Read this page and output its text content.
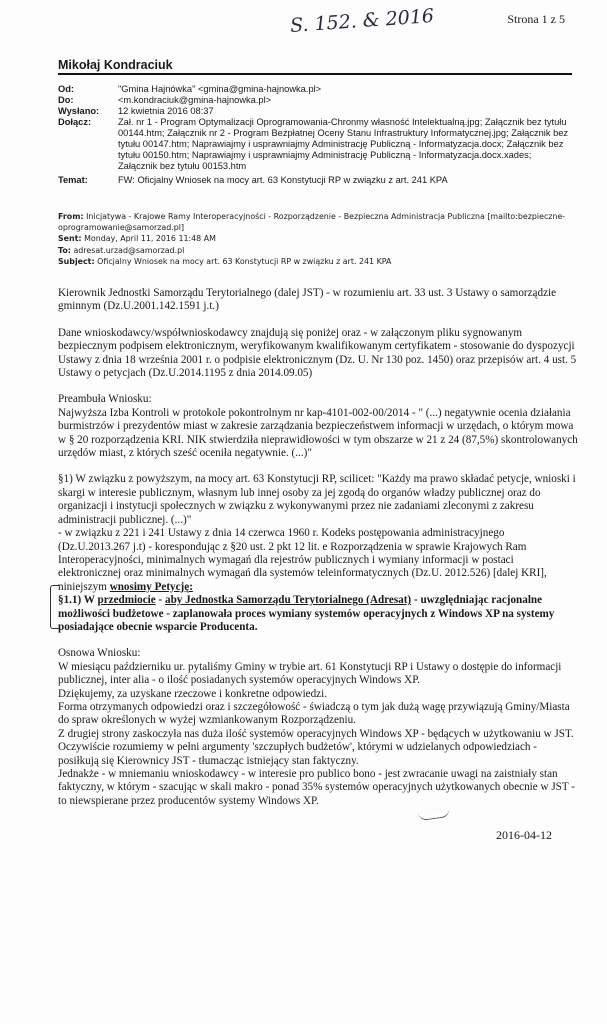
Strona 1 z 5
S. 152. & 2016
Mikołaj Kondraciuk
Od:	"Gmina Hajnówka" <gmina@gmina-hajnowka.pl>
Do:	<m.kondraciuk@gmina-hajnowka.pl>
Wysłano:	12 kwietnia 2016 08:37
Dołącz:	Zał. nr 1 - Program Optymalizacji Oprogramowania-Chronmy własność Intelektualną.jpg; Załącznik bez tytułu 00144.htm; Załącznik nr 2 - Program Bezpłatnej Oceny Stanu Infrastruktury Informatycznej.jpg; Załącznik bez tytułu 00147.htm; Naprawiajmy i usprawniajmy Administrację Publiczną - Informatyzacja.docx; Załącznik bez tytułu 00150.htm; Naprawiajmy i usprawniajmy Administrację Publiczną - Informatyzacja.docx.xades; Załącznik bez tytułu 00153.htm
Temat:	FW: Oficjalny Wniosek na mocy art. 63 Konstytucji RP w związku z art. 241 KPA
From: Inicjatywa - Krajowe Ramy Interoperacyjności - Rozporządzenie - Bezpieczna Administracja Publiczna [mailto:bezpieczne-oprogramowanie@samorzad.pl]
Sent: Monday, April 11, 2016 11:48 AM
To: adresat.urzad@samorzad.pl
Subject: Oficjalny Wniosek na mocy art. 63 Konstytucji RP w związku z art. 241 KPA

Kierownik Jednostki Samorządu Terytorialnego (dalej JST) - w rozumieniu art. 33 ust. 3 Ustawy o samorządzie gminnym (Dz.U.2001.142.1591 j.t.)

Dane wnioskodawcy/współwnioskodawcy znajdują się poniżej oraz - w załączonym pliku sygnowanym bezpiecznym podpisem elektronicznym, weryfikowanym kwalifikowanym certyfikatem - stosowanie do dyspozycji Ustawy z dnia 18 września 2001 r. o podpisie elektronicznym (Dz. U. Nr 130 poz. 1450) oraz przepisów art. 4 ust. 5 Ustawy o petycjach (Dz.U.2014.1195 z dnia 2014.09.05)

Preambuła Wniosku:

Najwyższa Izba Kontroli w protokole pokontrolnym nr kap-4101-002-00/2014 - " (...) negatywnie ocenia działania burmistrzów i prezydentów miast w zakresie zarządzania bezpieczeństwem informacji w urzędach, o którym mowa w § 20 rozporządzenia KRI. NIK stwierdziła nieprawidłowości w tym obszarze w 21 z 24 (87,5%) skontrolowanych urzędów miast, z których sześć oceniła negatywnie. (...)"

§1) W związku z powyższym, na mocy art. 63 Konstytucji RP, scilicet: "Każdy ma prawo składać petycje, wnioski i skargi w interesie publicznym, własnym lub innej osoby za jej zgodą do organów władzy publicznej oraz do organizacji i instytucji społecznych w związku z wykonywanymi przez nie zadaniami zleconymi z zakresu administracji publicznej. (...)"

- w związku z 221 i 241 Ustawy z dnia 14 czerwca 1960 r. Kodeks postępowania administracyjnego (Dz.U.2013.267 j.t) - korespondując z §20 ust. 2 pkt 12 lit. e Rozporządzenia w sprawie Krajowych Ram Interoperacyjności, minimalnych wymagań dla rejestrów publicznych i wymiany informacji w postaci elektronicznej oraz minimalnych wymagań dla systemów teleinformatycznych (Dz.U. 2012.526) [dalej KRI], niniejszym wnosimy Petycję:

§1.1) W przedmiocie - aby Jednostka Samorządu Terytorialnego (Adresat) - uwzględniając racjonalne możliwości budżetowe - zaplanowała proces wymiany systemów operacyjnych z Windows XP na systemy posiadające obecnie wsparcie Producenta.

Osnowa Wniosku:

W miesiącu październiku ur. pytaliśmy Gminy w trybie art. 61 Konstytucji RP i Ustawy o dostępie do informacji publicznej, inter alia - o ilość posiadanych systemów operacyjnych Windows XP.

Dziękujemy, za uzyskane rzeczowe i konkretne odpowiedzi.

Forma otrzymanych odpowiedzi oraz i szczegółowość - świadczą o tym jak dużą wagę przywiązują Gminy/Miasta do spraw określonych w wyżej wzmiankowanym Rozporządzeniu.

Z drugiej strony zaskoczyła nas duża ilość systemów operacyjnych Windows XP - będących w użytkowaniu w JST.

Oczywiście rozumiemy w pełni argumenty 'szczupłych budżetów', którymi w udzielanych odpowiedziach - posiłkują się Kierownicy JST - tłumacząc istniejący stan faktyczny.

Jednakże - w mniemaniu wnioskodawcy - w interesie pro publico bono - jest zwracanie uwagi na zaistniały stan faktyczny, w którym - szacując w skali makro - ponad 35% systemów operacyjnych użytkowanych obecnie w JST - to niewspierane przez producentów systemy Windows XP.

2016-04-12
